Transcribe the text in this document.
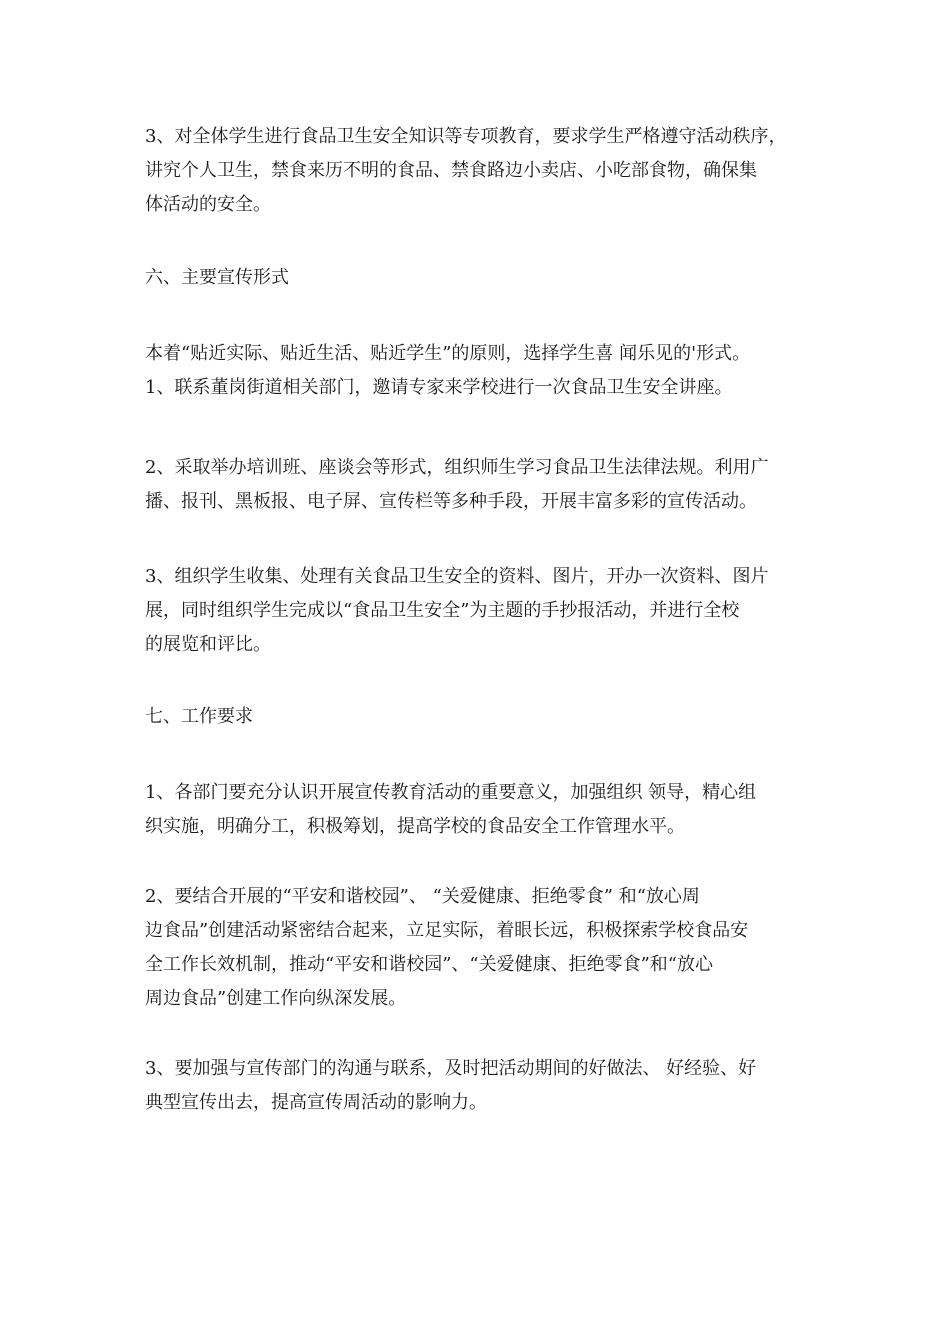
3、对全体学生进行食品卫生安全知识等专项教育，要求学生严格遵守活动秩序，
讲究个人卫生，禁食来历不明的食品、禁食路边小卖店、小吃部食物，确保集
体活动的安全。

六、主要宣传形式

本着“贴近实际、贴近生活、贴近学生”的原则，选择学生喜 闻乐见的'形式。
1、联系董岗街道相关部门，邀请专家来学校进行一次食品卫生安全讲座。

2、采取举办培训班、座谈会等形式，组织师生学习食品卫生法律法规。利用广
播、报刊、黑板报、电子屏、宣传栏等多种手段，开展丰富多彩的宣传活动。

3、组织学生收集、处理有关食品卫生安全的资料、图片，开办一次资料、图片
展，同时组织学生完成以“食品卫生安全”为主题的手抄报活动，并进行全校
的展览和评比。

七、工作要求

1、各部门要充分认识开展宣传教育活动的重要意义，加强组织 领导，精心组
织实施，明确分工，积极筹划，提高学校的食品安全工作管理水平。

2、要结合开展的“平安和谐校园”、 “关爱健康、拒绝零食” 和“放心周
边食品”创建活动紧密结合起来，立足实际，着眼长远，积极探索学校食品安
全工作长效机制，推动“平安和谐校园”、“关爱健康、拒绝零食”和“放心
周边食品”创建工作向纵深发展。

3、要加强与宣传部门的沟通与联系，及时把活动期间的好做法、 好经验、好
典型宣传出去，提高宣传周活动的影响力。
